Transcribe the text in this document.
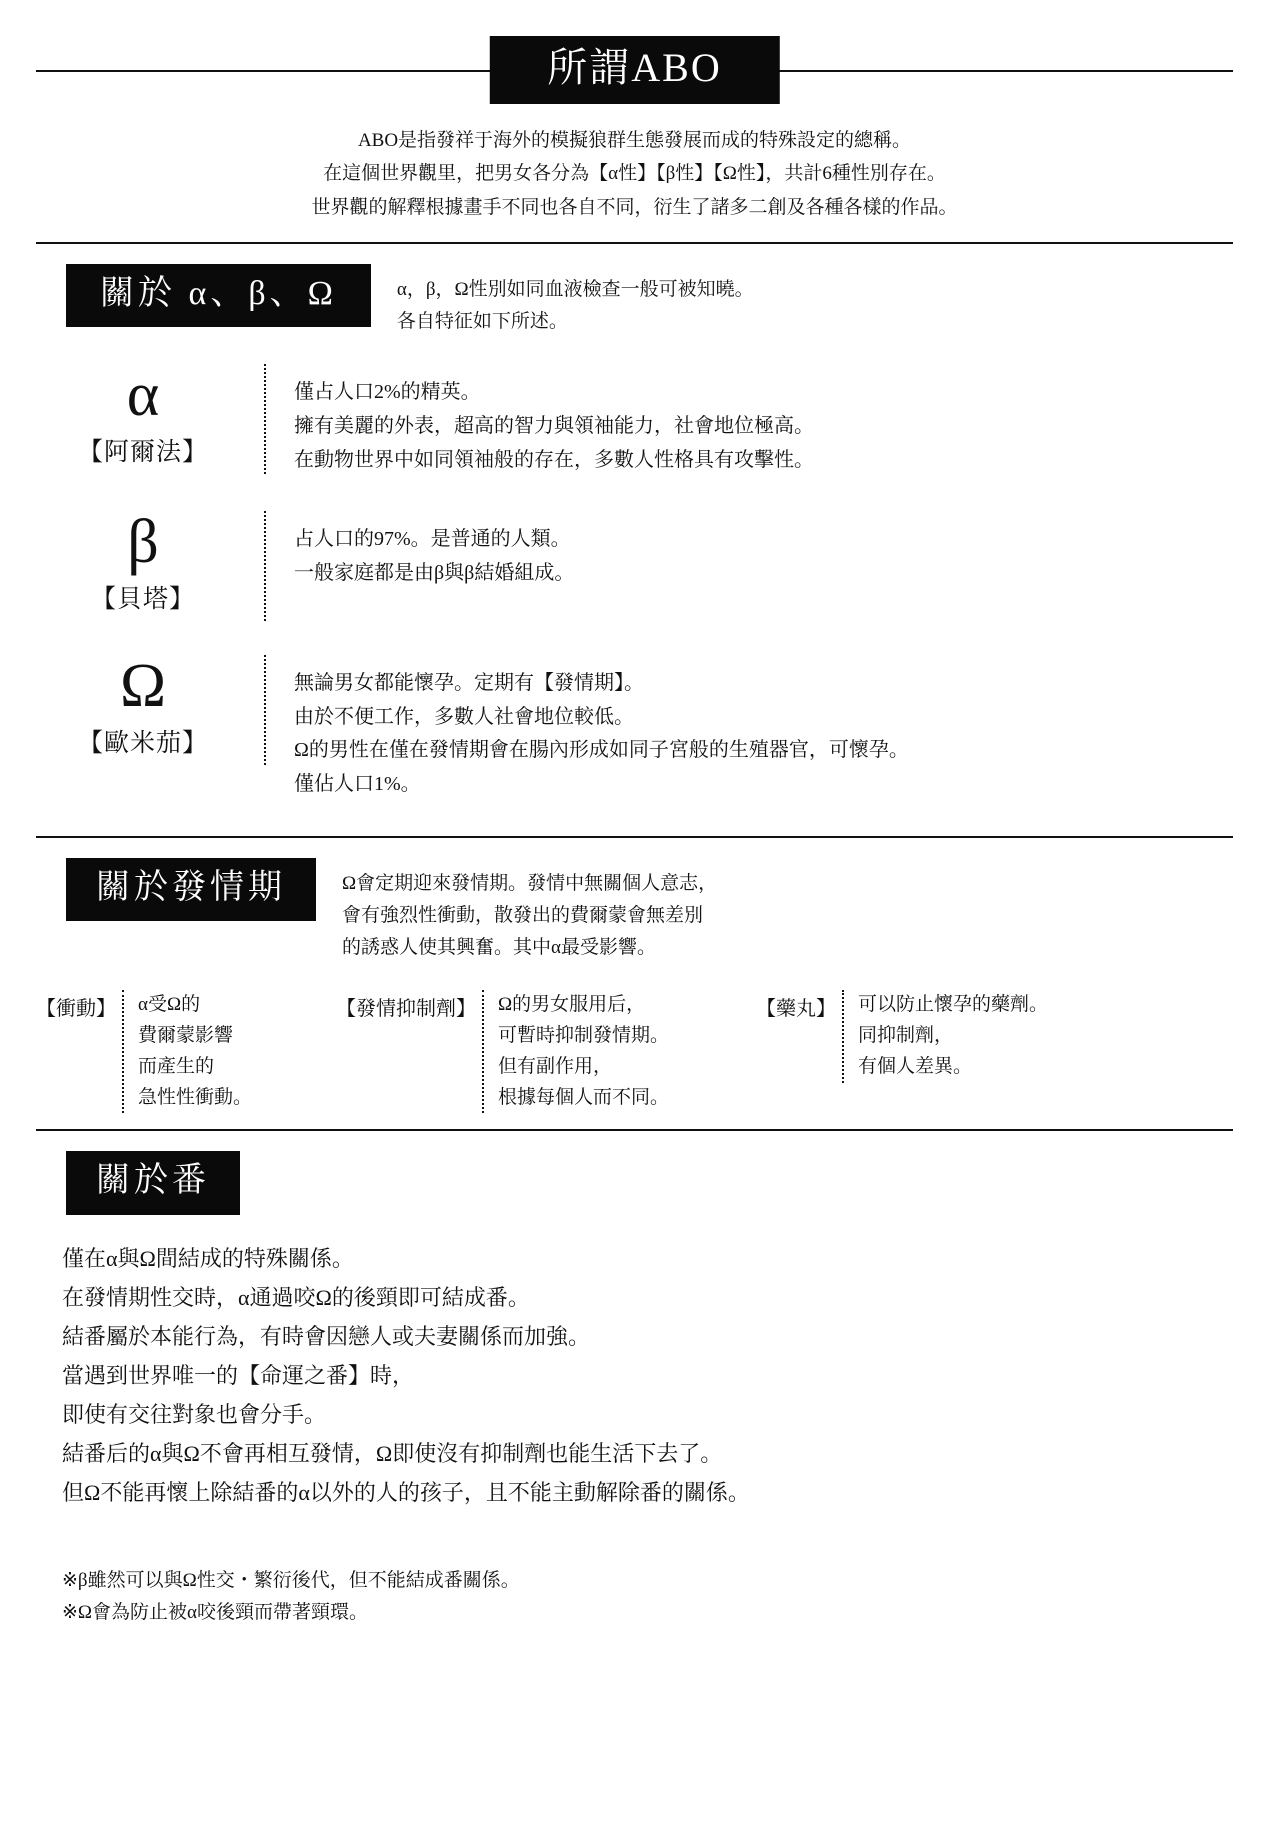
所謂ABO
ABO是指發祥于海外的模擬狼群生態發展而成的特殊設定的總稱。
在這個世界觀里，把男女各分為【α性】【β性】【Ω性】，共計6種性別存在。
世界觀的解釋根據畫手不同也各自不同，衍生了諸多二創及各種各樣的作品。
關於 α、β、Ω	α，β，Ω性別如同血液檢查一般可被知曉。
各自特征如下所述。
α
【阿爾法】
僅占人口2%的精英。
擁有美麗的外表，超高的智力與領袖能力，社會地位極高。
在動物世界中如同領袖般的存在，多數人性格具有攻擊性。
β
【貝塔】
占人口的97%。是普通的人類。
一般家庭都是由β與β結婚組成。
Ω
【歐米茄】
無論男女都能懷孕。定期有【發情期】。
由於不便工作，多數人社會地位較低。
Ω的男性在僅在發情期會在腸內形成如同子宮般的生殖器官，可懷孕。
僅佔人口1%。
關於發情期	Ω會定期迎來發情期。發情中無關個人意志，
會有強烈性衝動，散發出的費爾蒙會無差別
的誘惑人使其興奮。其中α最受影響。
【衝動】 α受Ω的
費爾蒙影響
而產生的
急性性衝動。
【發情抑制劑】 Ω的男女服用后，
可暫時抑制發情期。
但有副作用，
根據每個人而不同。
【藥丸】 可以防止懷孕的藥劑。
同抑制劑，
有個人差異。
關於番
僅在α與Ω間結成的特殊關係。
在發情期性交時，α通過咬Ω的後頸即可結成番。
結番屬於本能行為，有時會因戀人或夫妻關係而加強。
當遇到世界唯一的【命運之番】時，
即使有交往對象也會分手。
結番后的α與Ω不會再相互發情，Ω即使沒有抑制劑也能生活下去了。
但Ω不能再懷上除結番的α以外的人的孩子，且不能主動解除番的關係。
※β雖然可以與Ω性交・繁衍後代，但不能結成番關係。
※Ω會為防止被α咬後頸而帶著頸環。
